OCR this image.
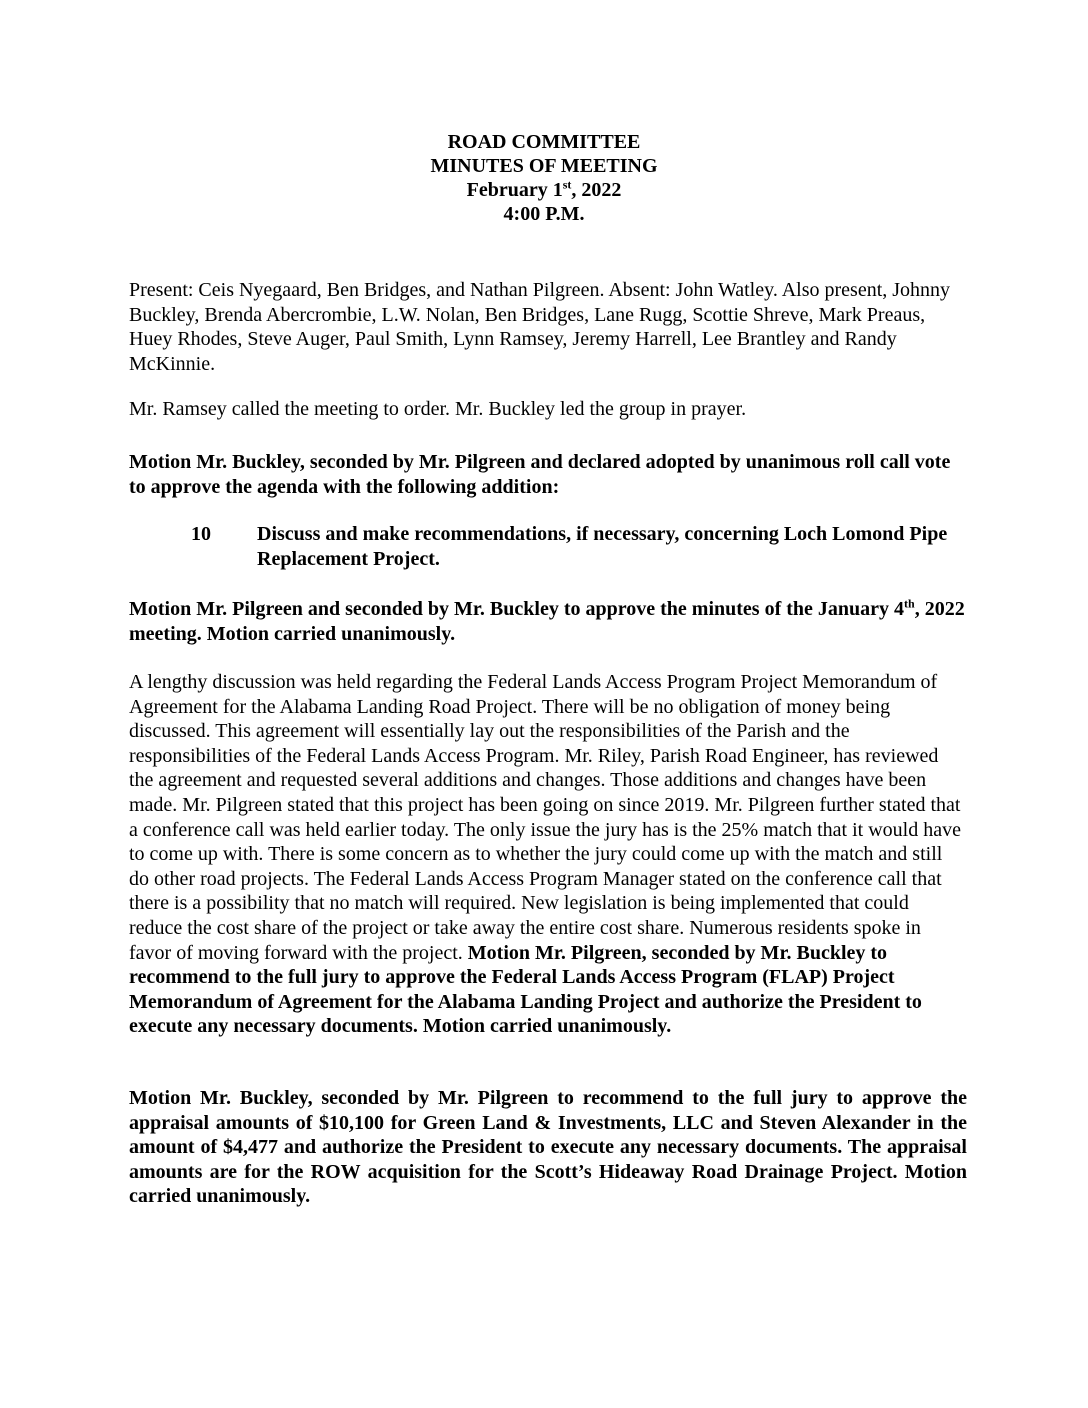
ROAD COMMITTEE
MINUTES OF MEETING
February 1st, 2022
4:00 P.M.

Present: Ceis Nyegaard, Ben Bridges, and Nathan Pilgreen. Absent: John Watley. Also present, Johnny Buckley, Brenda Abercrombie, L.W. Nolan, Ben Bridges, Lane Rugg, Scottie Shreve, Mark Preaus, Huey Rhodes, Steve Auger, Paul Smith, Lynn Ramsey, Jeremy Harrell, Lee Brantley and Randy McKinnie.

Mr. Ramsey called the meeting to order. Mr. Buckley led the group in prayer.

Motion Mr. Buckley, seconded by Mr. Pilgreen and declared adopted by unanimous roll call vote to approve the agenda with the following addition:

10 Discuss and make recommendations, if necessary, concerning Loch Lomond Pipe Replacement Project.

Motion Mr. Pilgreen and seconded by Mr. Buckley to approve the minutes of the January 4th, 2022 meeting. Motion carried unanimously.

A lengthy discussion was held regarding the Federal Lands Access Program Project Memorandum of Agreement for the Alabama Landing Road Project. There will be no obligation of money being discussed. This agreement will essentially lay out the responsibilities of the Parish and the responsibilities of the Federal Lands Access Program. Mr. Riley, Parish Road Engineer, has reviewed the agreement and requested several additions and changes. Those additions and changes have been made. Mr. Pilgreen stated that this project has been going on since 2019. Mr. Pilgreen further stated that a conference call was held earlier today. The only issue the jury has is the 25% match that it would have to come up with. There is some concern as to whether the jury could come up with the match and still do other road projects. The Federal Lands Access Program Manager stated on the conference call that there is a possibility that no match will required. New legislation is being implemented that could reduce the cost share of the project or take away the entire cost share. Numerous residents spoke in favor of moving forward with the project. Motion Mr. Pilgreen, seconded by Mr. Buckley to recommend to the full jury to approve the Federal Lands Access Program (FLAP) Project Memorandum of Agreement for the Alabama Landing Project and authorize the President to execute any necessary documents. Motion carried unanimously.

Motion Mr. Buckley, seconded by Mr. Pilgreen to recommend to the full jury to approve the appraisal amounts of $10,100 for Green Land & Investments, LLC and Steven Alexander in the amount of $4,477 and authorize the President to execute any necessary documents. The appraisal amounts are for the ROW acquisition for the Scott’s Hideaway Road Drainage Project. Motion carried unanimously.
